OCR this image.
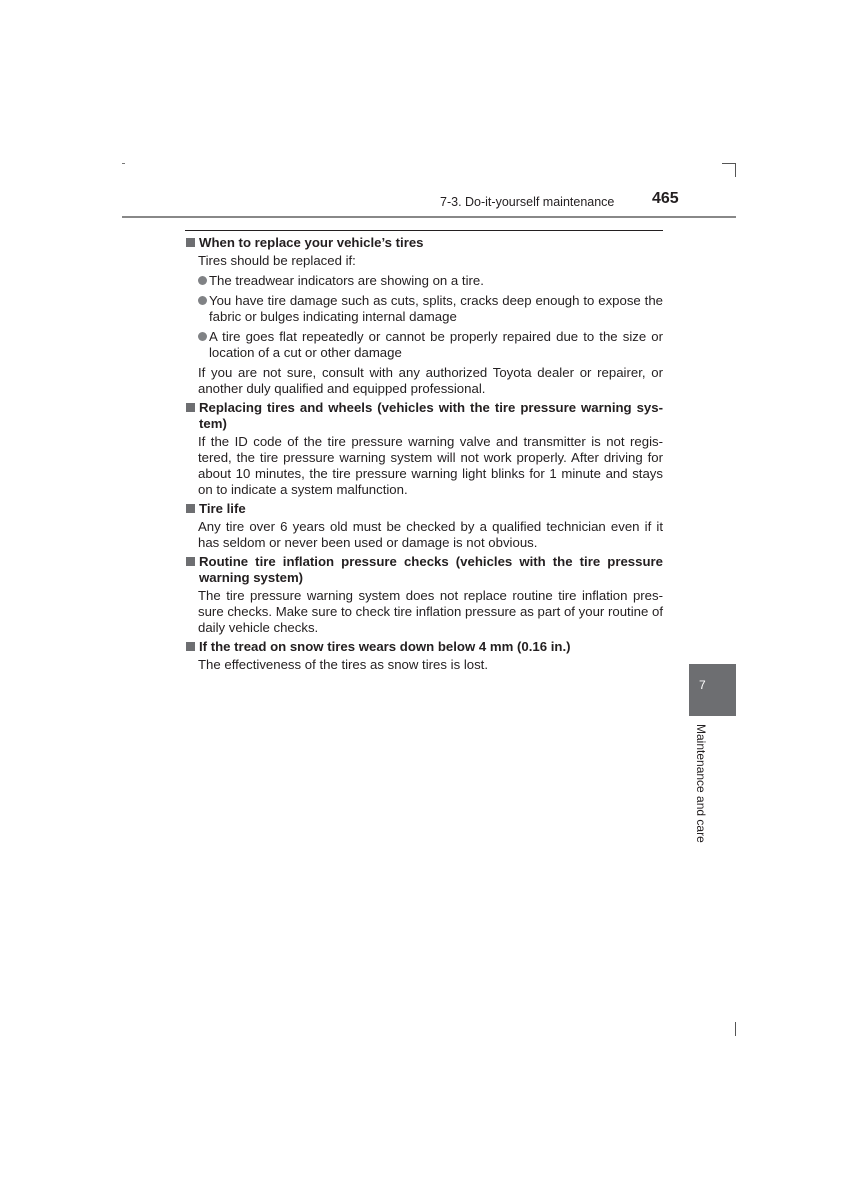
7-3. Do-it-yourself maintenance 465
When to replace your vehicle’s tires
Tires should be replaced if:
The treadwear indicators are showing on a tire.
You have tire damage such as cuts, splits, cracks deep enough to expose the fabric or bulges indicating internal damage
A tire goes flat repeatedly or cannot be properly repaired due to the size or location of a cut or other damage
If you are not sure, consult with any authorized Toyota dealer or repairer, or another duly qualified and equipped professional.
Replacing tires and wheels (vehicles with the tire pressure warning sys-tem)
If the ID code of the tire pressure warning valve and transmitter is not regis-tered, the tire pressure warning system will not work properly. After driving for about 10 minutes, the tire pressure warning light blinks for 1 minute and stays on to indicate a system malfunction.
Tire life
Any tire over 6 years old must be checked by a qualified technician even if it has seldom or never been used or damage is not obvious.
Routine tire inflation pressure checks (vehicles with the tire pressure warning system)
The tire pressure warning system does not replace routine tire inflation pres-sure checks. Make sure to check tire inflation pressure as part of your routine of daily vehicle checks.
If the tread on snow tires wears down below 4 mm (0.16 in.)
The effectiveness of the tires as snow tires is lost.
7
Maintenance and care
